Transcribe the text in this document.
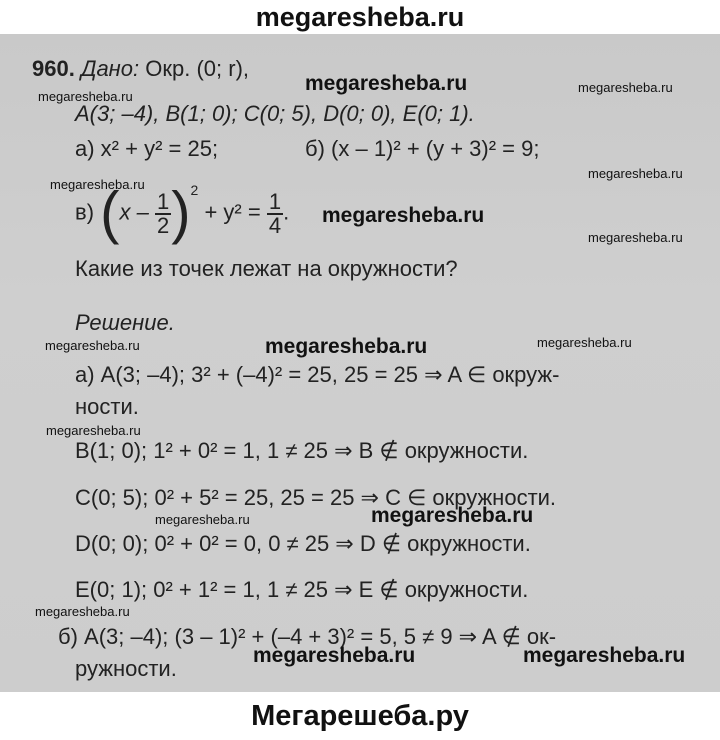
megaresheba.ru
960. Дано: Окр. (0; r),
A(3; –4), B(1; 0); C(0; 5), D(0; 0), E(0; 1).
а) x² + y² = 25;	б) (x – 1)² + (y + 3)² = 9;
в) $(x - \frac{1}{2} )^2 + y^2 = \frac{1}{4}$ .
Какие из точек лежат на окружности?
Решение.
а) A(3; –4); 3² + (–4)² = 25, 25 = 25 ⇒ A ∈ окруж-
ности.
B(1; 0); 1² + 0² = 1, 1 ≠ 25 ⇒ B ∉ окружности.
C(0; 5); 0² + 5² = 25, 25 = 25 ⇒ C ∈ окружности.
D(0; 0); 0² + 0² = 0, 0 ≠ 25 ⇒ D ∉ окружности.
E(0; 1); 0² + 1² = 1, 1 ≠ 25 ⇒ E ∉ окружности.
б) A(3; –4); (3 – 1)² + (–4 + 3)² = 5, 5 ≠ 9 ⇒ A ∉ ок-
ружности.
megaresheba.ru
megaresheba.ru
megaresheba.ru
megaresheba.ru
megaresheba.ru
megaresheba.ru
megaresheba.ru
megaresheba.ru	megaresheba.ru
megaresheba.ru
megaresheba.ru
megaresheba.ru	megaresheba.ru
megaresheba.ru
megaresheba.ru	megaresheba.ru
Мегарешеба.ру
